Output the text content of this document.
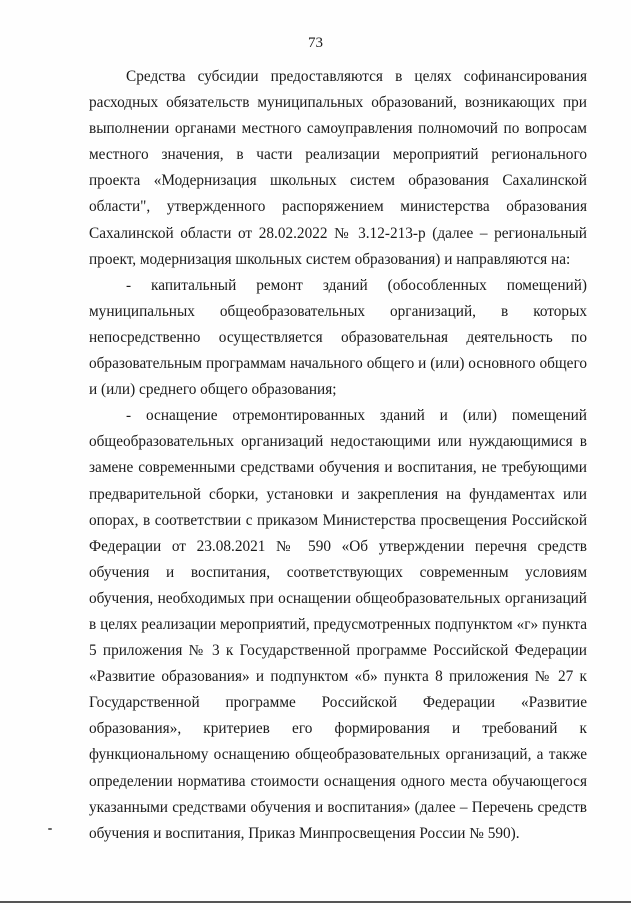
73

Средства субсидии предоставляются в целях софинансирования расходных обязательств муниципальных образований, возникающих при выполнении органами местного самоуправления полномочий по вопросам местного значения, в части реализации мероприятий регионального проекта «Модернизация школьных систем образования Сахалинской области", утвержденного распоряжением министерства образования Сахалинской области от 28.02.2022 № 3.12-213-р (далее – региональный проект, модернизация школьных систем образования) и направляются на:

- капитальный ремонт зданий (обособленных помещений) муниципальных общеобразовательных организаций, в которых непосредственно осуществляется образовательная деятельность по образовательным программам начального общего и (или) основного общего и (или) среднего общего образования;

- оснащение отремонтированных зданий и (или) помещений общеобразовательных организаций недостающими или нуждающимися в замене современными средствами обучения и воспитания, не требующими предварительной сборки, установки и закрепления на фундаментах или опорах, в соответствии с приказом Министерства просвещения Российской Федерации от 23.08.2021 № 590 «Об утверждении перечня средств обучения и воспитания, соответствующих современным условиям обучения, необходимых при оснащении общеобразовательных организаций в целях реализации мероприятий, предусмотренных подпунктом «г» пункта 5 приложения № 3 к Государственной программе Российской Федерации «Развитие образования» и подпунктом «б» пункта 8 приложения № 27 к Государственной программе Российской Федерации «Развитие образования», критериев его формирования и требований к функциональному оснащению общеобразовательных организаций, а также определении норматива стоимости оснащения одного места обучающегося указанными средствами обучения и воспитания» (далее – Перечень средств обучения и воспитания, Приказ Минпросвещения России № 590).
